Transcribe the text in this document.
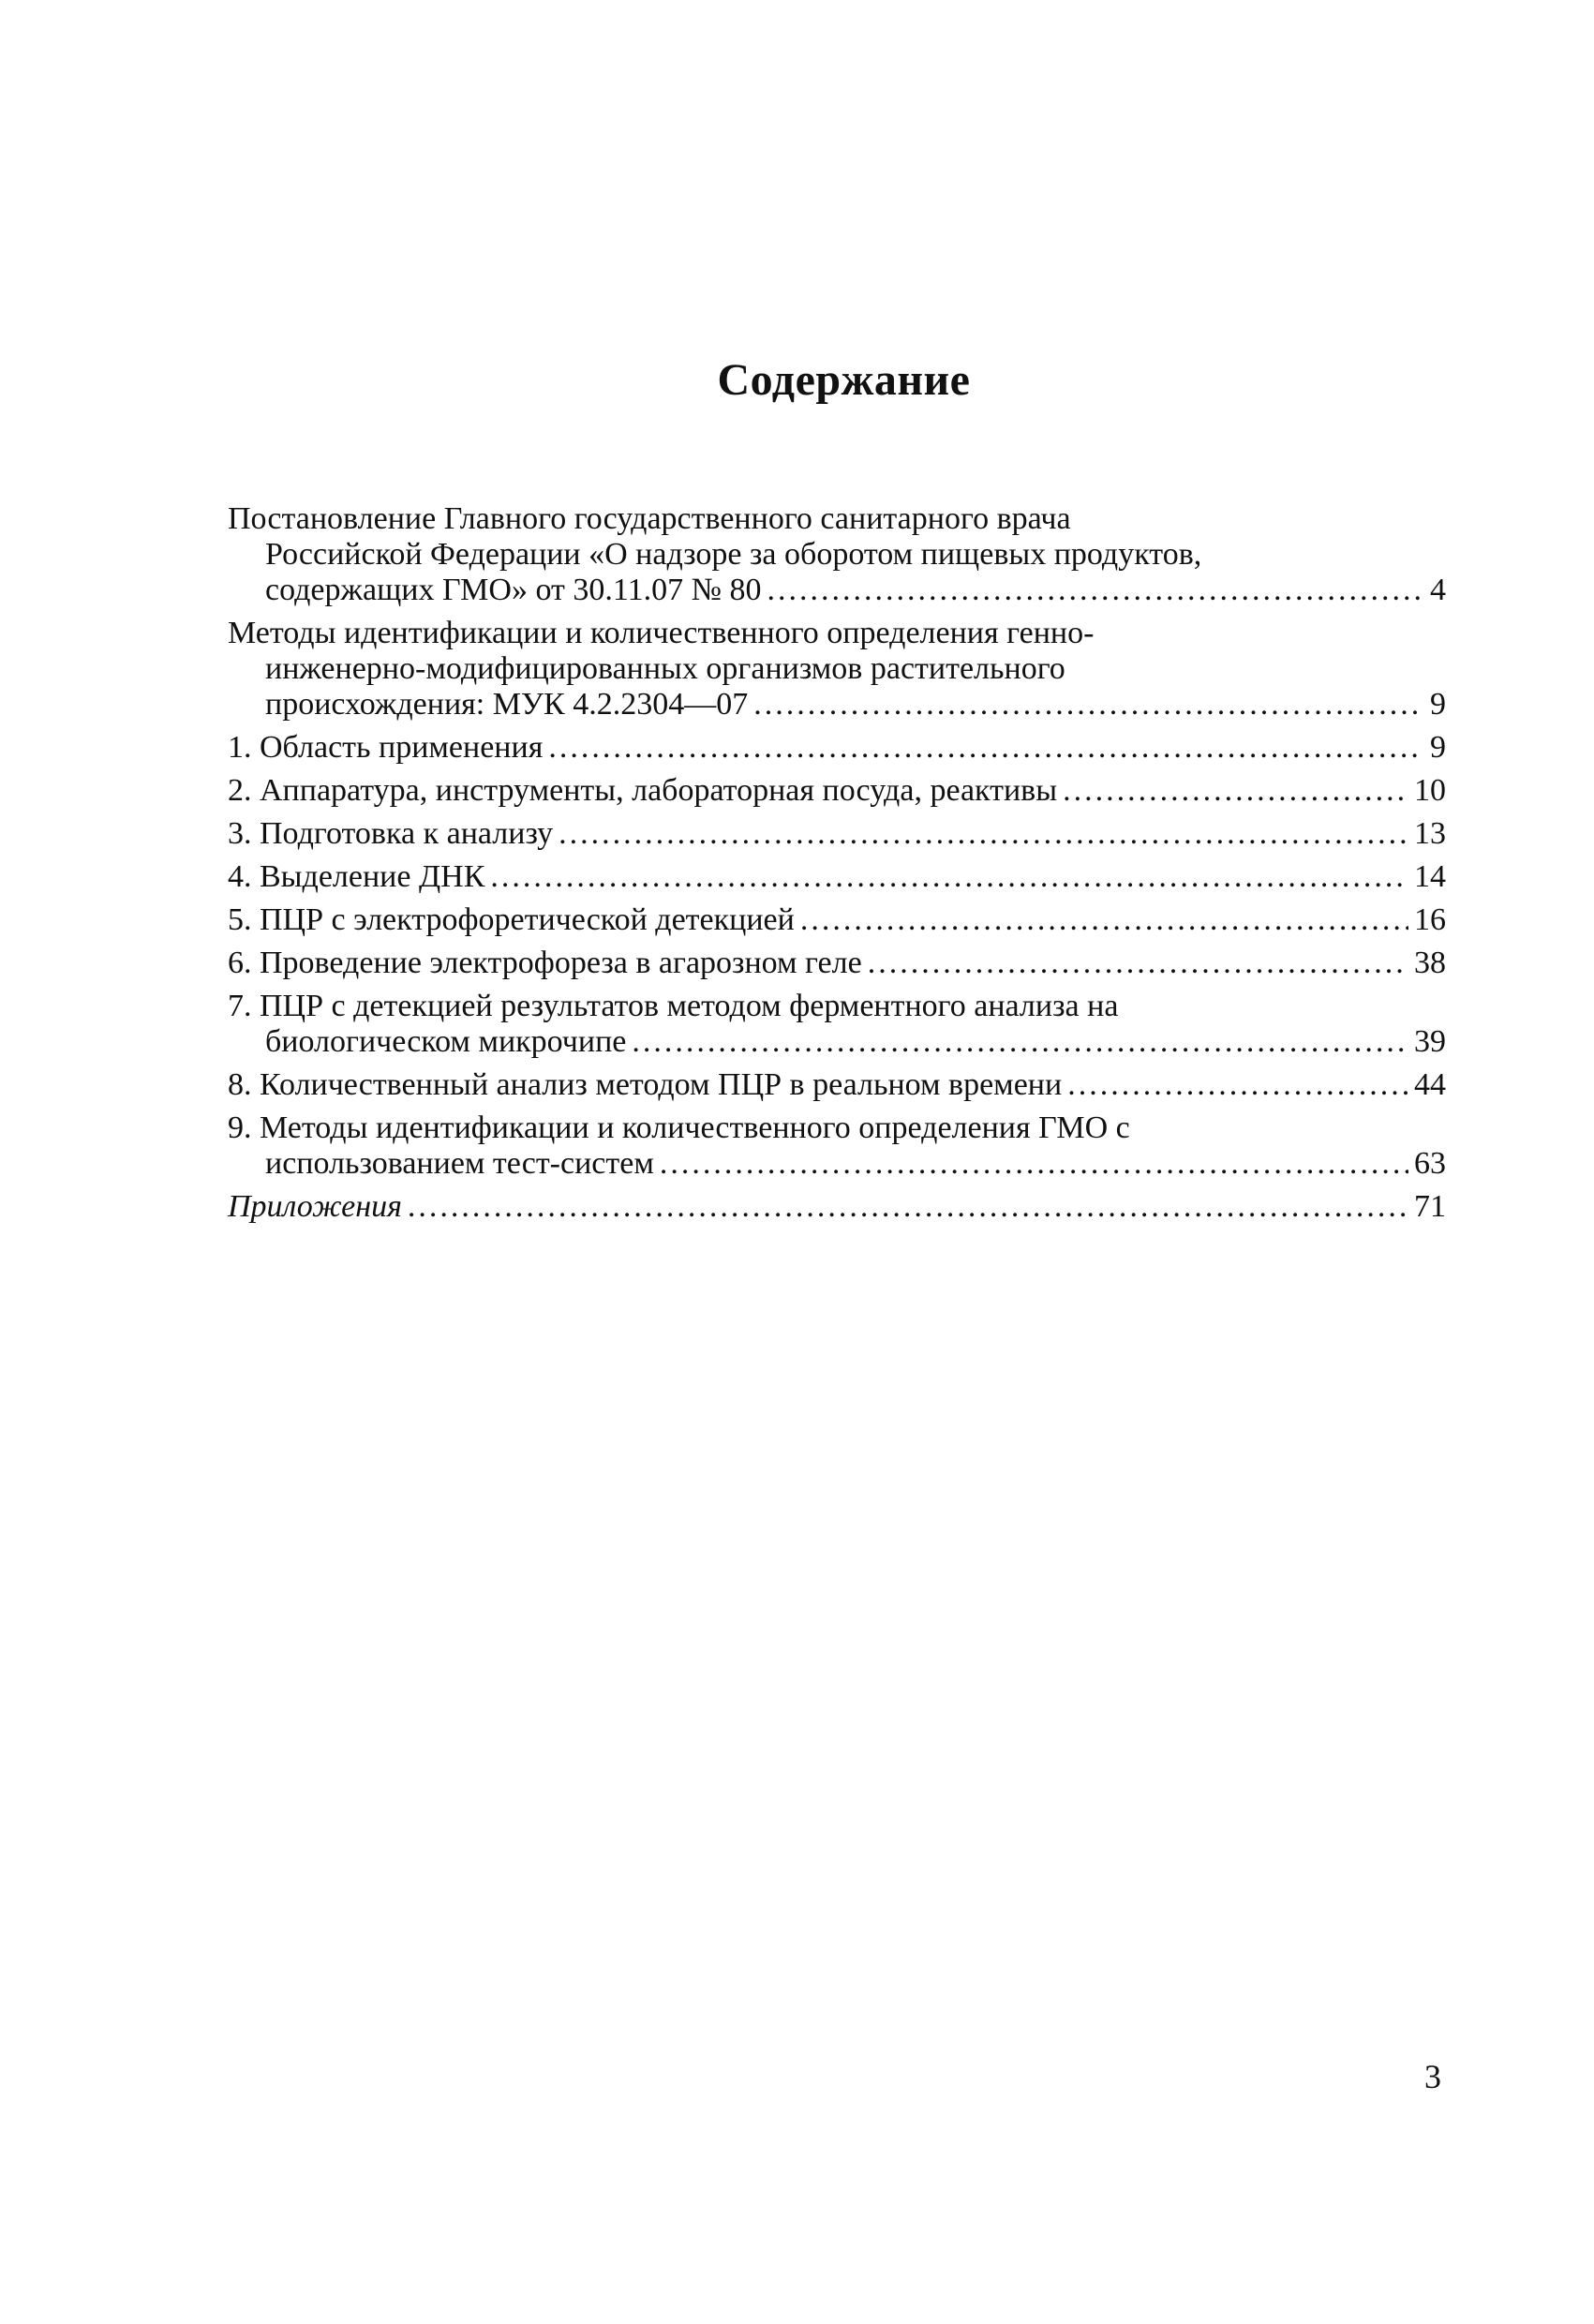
Содержание
Постановление Главного государственного санитарного врача
Российской Федерации «О надзоре за оборотом пищевых продуктов,
содержащих ГМО» от 30.11.07 № 80 .....	4
Методы идентификации и количественного определения генно-
инженерно-модифицированных организмов растительного
происхождения: МУК 4.2.2304—07 .....	9
1. Область применения .....	9
2. Аппаратура, инструменты, лабораторная посуда, реактивы .....	10
3. Подготовка к анализу .....	13
4. Выделение ДНК .....	14
5. ПЦР с электрофоретической детекцией .....	16
6. Проведение электрофореза в агарозном геле .....	38
7. ПЦР с детекцией результатов методом ферментного анализа на
биологическом микрочипе .....	39
8. Количественный анализ методом ПЦР в реальном времени .....	44
9. Методы идентификации и количественного определения ГМО с
использованием тест-систем .....	63
Приложения .....	71
3
